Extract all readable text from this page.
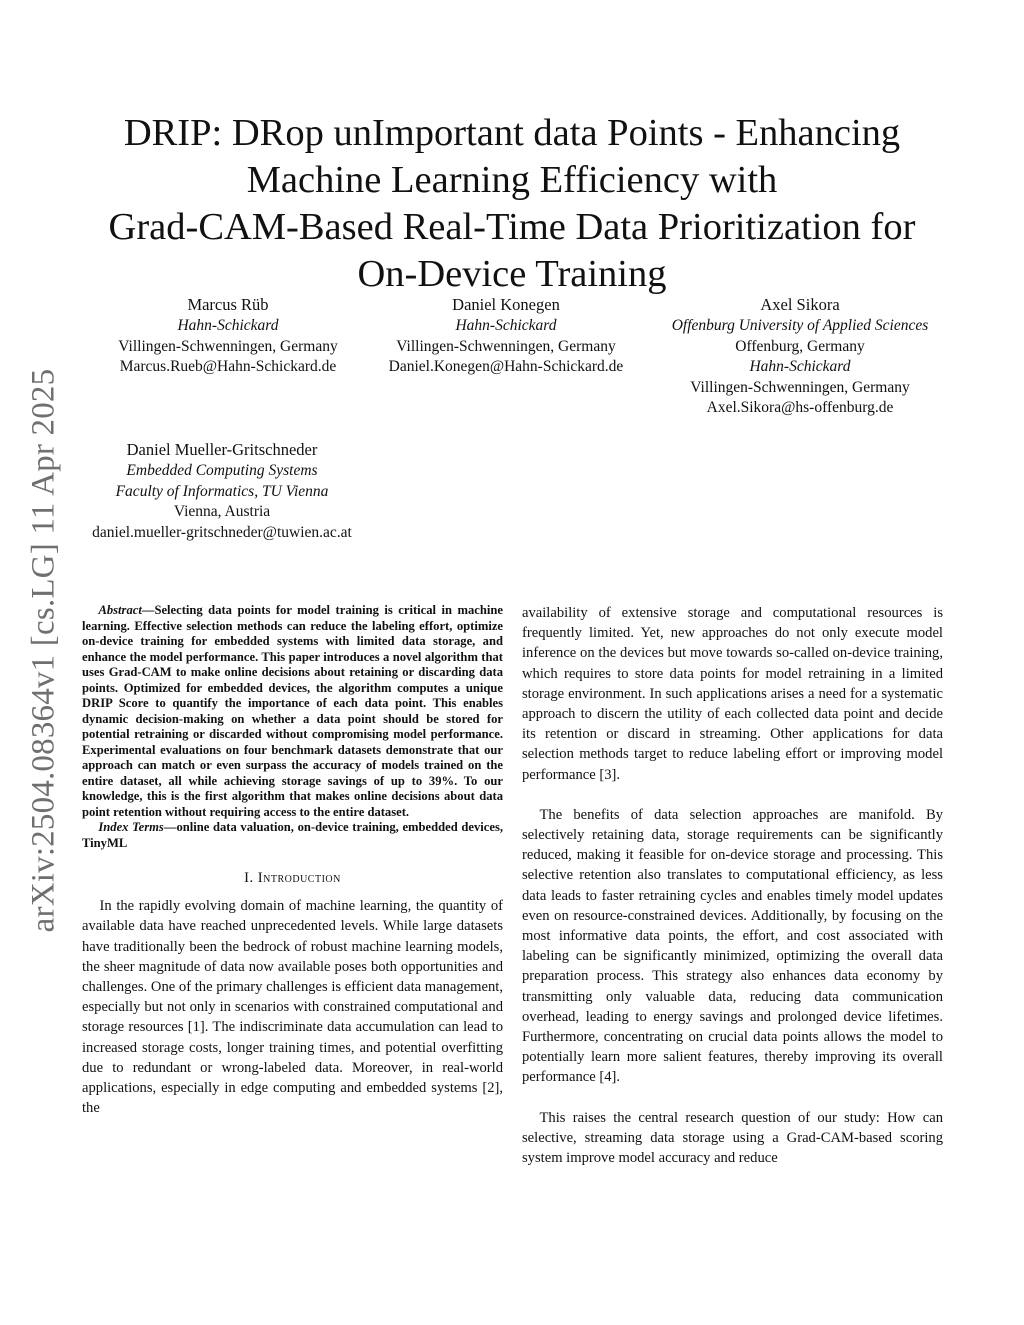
arXiv:2504.08364v1 [cs.LG] 11 Apr 2025
DRIP: DRop unImportant data Points - Enhancing
Machine Learning Efficiency with
Grad-CAM-Based Real-Time Data Prioritization for
On-Device Training
Marcus Rüb
Hahn-Schickard
Villingen-Schwenningen, Germany
Marcus.Rueb@Hahn-Schickard.de
Daniel Konegen
Hahn-Schickard
Villingen-Schwenningen, Germany
Daniel.Konegen@Hahn-Schickard.de
Axel Sikora
Offenburg University of Applied Sciences
Offenburg, Germany
Hahn-Schickard
Villingen-Schwenningen, Germany
Axel.Sikora@hs-offenburg.de
Daniel Mueller-Gritschneder
Embedded Computing Systems
Faculty of Informatics, TU Vienna
Vienna, Austria
daniel.mueller-gritschneder@tuwien.ac.at

Abstract—Selecting data points for model training is critical in machine learning. Effective selection methods can reduce the labeling effort, optimize on-device training for embedded systems with limited data storage, and enhance the model performance. This paper introduces a novel algorithm that uses Grad-CAM to make online decisions about retaining or discarding data points. Optimized for embedded devices, the algorithm computes a unique DRIP Score to quantify the importance of each data point. This enables dynamic decision-making on whether a data point should be stored for potential retraining or discarded without compromising model performance. Experimental evaluations on four benchmark datasets demonstrate that our approach can match or even surpass the accuracy of models trained on the entire dataset, all while achieving storage savings of up to 39%. To our knowledge, this is the first algorithm that makes online decisions about data point retention without requiring access to the entire dataset.

Index Terms—online data valuation, on-device training, embedded devices, TinyML

I. Introduction

In the rapidly evolving domain of machine learning, the quantity of available data have reached unprecedented levels. While large datasets have traditionally been the bedrock of robust machine learning models, the sheer magnitude of data now available poses both opportunities and challenges. One of the primary challenges is efficient data management, especially but not only in scenarios with constrained computational and storage resources [1]. The indiscriminate data accumulation can lead to increased storage costs, longer training times, and potential overfitting due to redundant or wrong-labeled data. Moreover, in real-world applications, especially in edge computing and embedded systems [2], the

availability of extensive storage and computational resources is frequently limited. Yet, new approaches do not only execute model inference on the devices but move towards so-called on-device training, which requires to store data points for model retraining in a limited storage environment. In such applications arises a need for a systematic approach to discern the utility of each collected data point and decide its retention or discard in streaming. Other applications for data selection methods target to reduce labeling effort or improving model performance [3].

The benefits of data selection approaches are manifold. By selectively retaining data, storage requirements can be significantly reduced, making it feasible for on-device storage and processing. This selective retention also translates to computational efficiency, as less data leads to faster retraining cycles and enables timely model updates even on resource-constrained devices. Additionally, by focusing on the most informative data points, the effort, and cost associated with labeling can be significantly minimized, optimizing the overall data preparation process. This strategy also enhances data economy by transmitting only valuable data, reducing data communication overhead, leading to energy savings and prolonged device lifetimes. Furthermore, concentrating on crucial data points allows the model to potentially learn more salient features, thereby improving its overall performance [4].

This raises the central research question of our study: How can selective, streaming data storage using a Grad-CAM-based scoring system improve model accuracy and reduce
